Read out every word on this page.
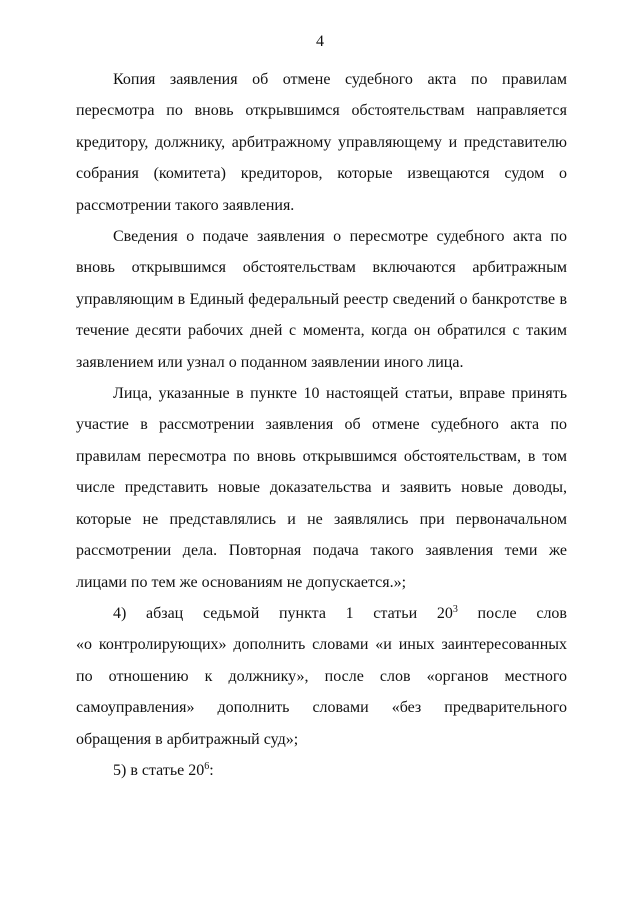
4

Копия заявления об отмене судебного акта по правилам пересмотра по вновь открывшимся обстоятельствам направляется кредитору, должнику, арбитражному управляющему и представителю собрания (комитета) кредиторов, которые извещаются судом о рассмотрении такого заявления.

Сведения о подаче заявления о пересмотре судебного акта по вновь открывшимся обстоятельствам включаются арбитражным управляющим в Единый федеральный реестр сведений о банкротстве в течение десяти рабочих дней с момента, когда он обратился с таким заявлением или узнал о поданном заявлении иного лица.

Лица, указанные в пункте 10 настоящей статьи, вправе принять участие в рассмотрении заявления об отмене судебного акта по правилам пересмотра по вновь открывшимся обстоятельствам, в том числе представить новые доказательства и заявить новые доводы, которые не представлялись и не заявлялись при первоначальном рассмотрении дела. Повторная подача такого заявления теми же лицами по тем же основаниям не допускается.»;

4) абзац седьмой пункта 1 статьи $20^3$ после слов

«о контролирующих» дополнить словами «и иных заинтересованных по отношению к должнику», после слов «органов местного самоуправления» дополнить словами «без предварительного обращения в арбитражный суд»;

5) в статье $20^6$:
